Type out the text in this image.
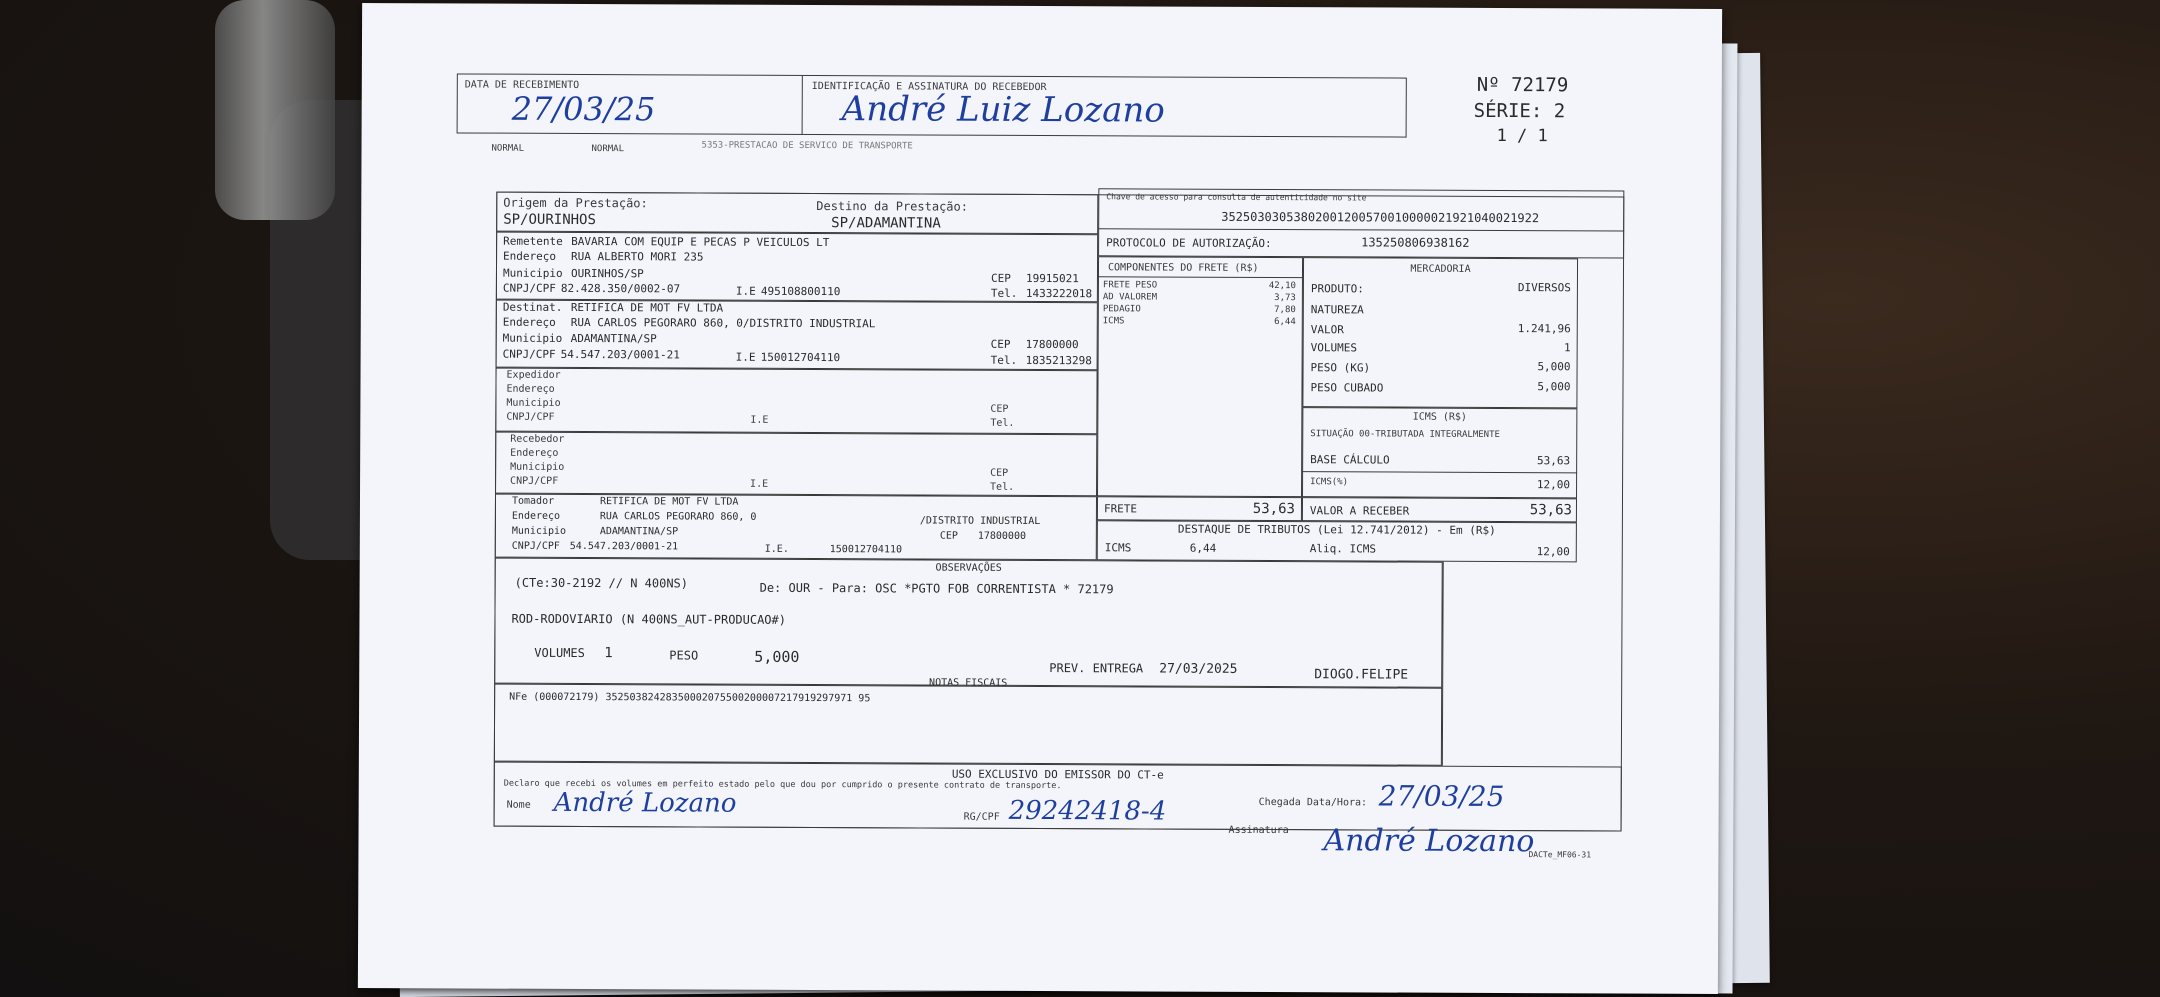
DATA DE RECEBIMENTO
27/03/25
IDENTIFICAÇÃO E ASSINATURA DO RECEBEDOR
André Luiz Lozano
Nº 72179
SÉRIE: 2
1 / 1
NORMAL	NORMAL	5353-PRESTACAO DE SERVICO DE TRANSPORTE
Chave de acesso para consulta de autenticidade no site
35250303053802001200570010000021921040021922
PROTOCOLO DE AUTORIZAÇÃO:	135250806938162
Origem da Prestação:
SP/OURINHOS
Destino da Prestação:
SP/ADAMANTINA
Remetente BAVARIA COM EQUIP E PECAS P VEICULOS LT
Endereço RUA ALBERTO MORI 235
Municipio OURINHOS/SP
CNPJ/CPF 82.428.350/0002-07	I.E 495108800110
CEP 19915021
Tel. 1433222018
Destinat. RETIFICA DE MOT FV LTDA
Endereço RUA CARLOS PEGORARO 860, 0/DISTRITO INDUSTRIAL
Municipio ADAMANTINA/SP
CNPJ/CPF 54.547.203/0001-21	I.E 150012704110
CEP 17800000
Tel. 1835213298
Expedidor
Endereço
Municipio
CNPJ/CPF	I.E
CEP
Tel.
Recebedor
Endereço
Municipio
CNPJ/CPF	I.E
CEP
Tel.
Tomador	RETIFICA DE MOT FV LTDA
Endereço	RUA CARLOS PEGORARO 860, 0	/DISTRITO INDUSTRIAL
Municipio	ADAMANTINA/SP	CEP 17800000
CNPJ/CPF 54.547.203/0001-21	I.E.	150012704110
COMPONENTES DO FRETE (R$)
FRETE PESO	42,10
AD VALOREM	3,73
PEDAGIO	7,80
ICMS	6,44
FRETE	53,63
MERCADORIA
PRODUTO:	DIVERSOS
NATUREZA
VALOR	1.241,96
VOLUMES	1
PESO (KG)	5,000
PESO CUBADO	5,000
ICMS (R$)
SITUAÇÃO 00-TRIBUTADA INTEGRALMENTE
BASE CÁLCULO	53,63
ICMS(%)	12,00
VALOR A RECEBER	53,63
DESTAQUE DE TRIBUTOS (Lei 12.741/2012) - Em (R$)
ICMS	6,44	Aliq. ICMS	12,00
OBSERVAÇÕES
(CTe:30-2192 // N 400NS)	De: OUR - Para: OSC *PGTO FOB CORRENTISTA * 72179
ROD-RODOVIARIO (N 400NS_AUT-PRODUCAO#)
VOLUMES 1	PESO	5,000
PREV. ENTREGA 27/03/2025	DIOGO.FELIPE
NOTAS FISCAIS
NFe (000072179) 35250382428350002075500200007217919297971 95
USO EXCLUSIVO DO EMISSOR DO CT-e
Declaro que recebi os volumes em perfeito estado pelo que dou por cumprido o presente contrato de transporte.
Nome André Lozano	RG/CPF 29242418-4	Chegada Data/Hora: 27/03/25
Assinatura André Lozano
DACTe_MF06-31
